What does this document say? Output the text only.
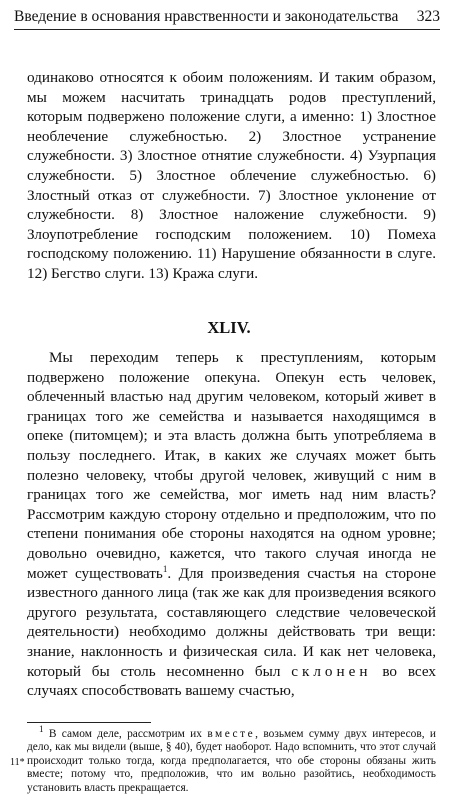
Введение в основания нравственности и законодательства 323
одинаково относятся к обоим положениям. И таким образом, мы можем насчитать тринадцать родов преступлений, которым подвержено положение слуги, а именно: 1) Злостное необлечение служебностью. 2) Злостное устранение служебности. 3) Злостное отнятие служебности. 4) Узурпация служебности. 5) Злостное облечение служебностью. 6) Злостный отказ от служебности. 7) Злостное уклонение от служебности. 8) Злостное наложение служебности. 9) Злоупотребление господским положением. 10) Помеха господскому положению. 11) Нарушение обязанности в слуге. 12) Бегство слуги. 13) Кража слуги.
XLIV.
Мы переходим теперь к преступлениям, которым подвержено положение опекуна. Опекун есть человек, облеченный властью над другим человеком, который живет в границах того же семейства и называется находящимся в опеке (питомцем); и эта власть должна быть употребляема в пользу последнего. Итак, в каких же случаях может быть полезно человеку, чтобы другой человек, живущий с ним в границах того же семейства, мог иметь над ним власть? Рассмотрим каждую сторону отдельно и предположим, что по степени понимания обе стороны находятся на одном уровне; довольно очевидно, кажется, что такого случая иногда не может существовать$^1$. Для произведения счастья на стороне известного данного лица (так же как для произведения всякого другого результата, составляющего следствие человеческой деятельности) необходимо должны действовать три вещи: знание, наклонность и физическая сила. И как нет человека, который бы столь несомненно был склонен во всех случаях способствовать вашему счастью,
$^1$ В самом деле, рассмотрим их вместе, возьмем сумму двух интересов, и дело, как мы видели (выше, § 40), будет наоборот. Надо вспомнить, что этот случай происходит только тогда, когда предполагается, что обе стороны обязаны жить вместе; потому что, предположив, что им вольно разойтись, необходимость установить власть прекращается.
11*
